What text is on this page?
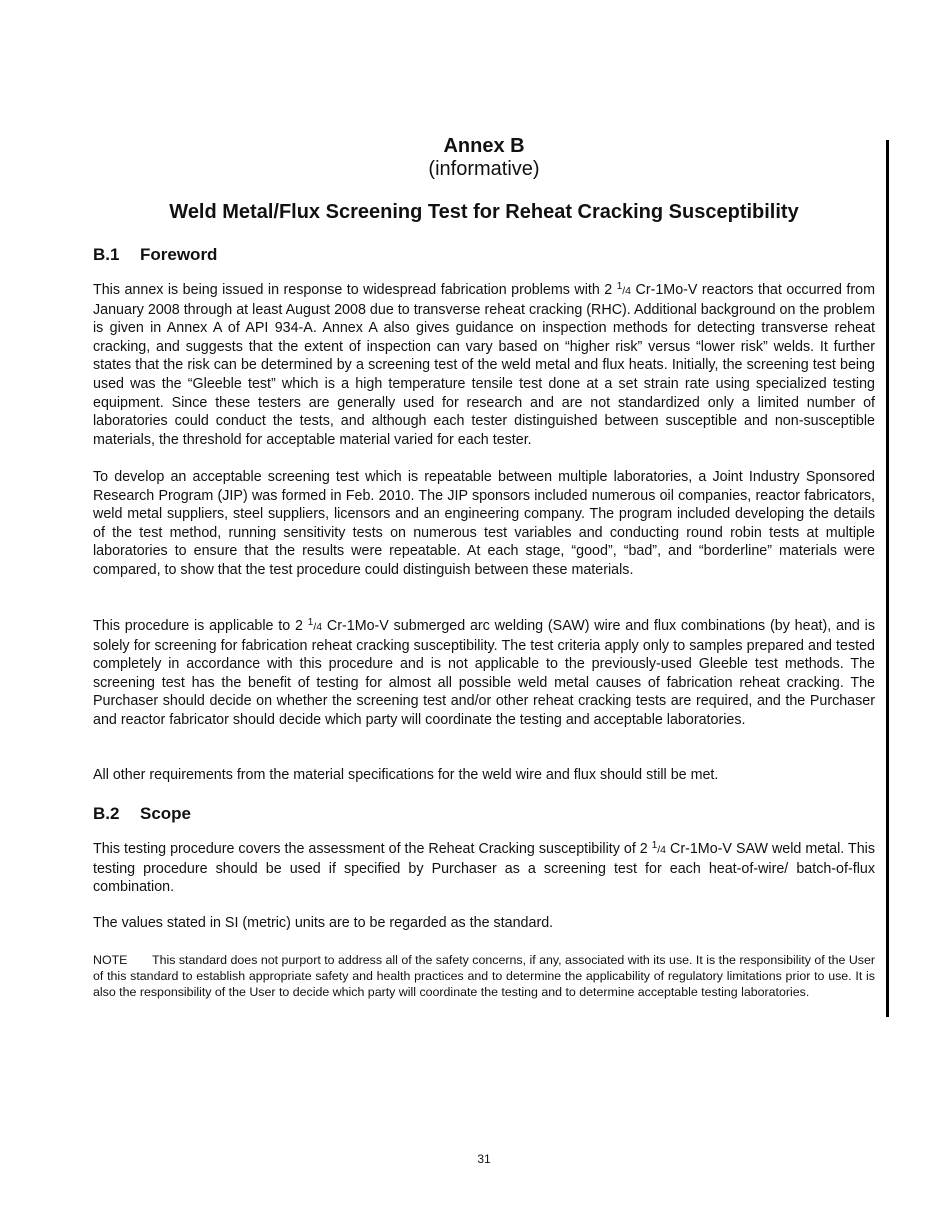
Annex B
(informative)
Weld Metal/Flux Screening Test for Reheat Cracking Susceptibility
B.1 Foreword

This annex is being issued in response to widespread fabrication problems with 2 $^1$/4 Cr-1Mo-V reactors that occurred from January 2008 through at least August 2008 due to transverse reheat cracking (RHC). Additional background on the problem is given in Annex A of API 934-A. Annex A also gives guidance on inspection methods for detecting transverse reheat cracking, and suggests that the extent of inspection can vary based on “higher risk” versus “lower risk” welds. It further states that the risk can be determined by a screening test of the weld metal and flux heats. Initially, the screening test being used was the “Gleeble test” which is a high temperature tensile test done at a set strain rate using specialized testing equipment. Since these testers are generally used for research and are not standardized only a limited number of laboratories could conduct the tests, and although each tester distinguished between susceptible and non-susceptible materials, the threshold for acceptable material varied for each tester.

To develop an acceptable screening test which is repeatable between multiple laboratories, a Joint Industry Sponsored Research Program (JIP) was formed in Feb. 2010. The JIP sponsors included numerous oil companies, reactor fabricators, weld metal suppliers, steel suppliers, licensors and an engineering company. The program included developing the details of the test method, running sensitivity tests on numerous test variables and conducting round robin tests at multiple laboratories to ensure that the results were repeatable. At each stage, “good”, “bad”, and “borderline” materials were compared, to show that the test procedure could distinguish between these materials.

This procedure is applicable to 2 $^1$/4 Cr-1Mo-V submerged arc welding (SAW) wire and flux combinations (by heat), and is solely for screening for fabrication reheat cracking susceptibility. The test criteria apply only to samples prepared and tested completely in accordance with this procedure and is not applicable to the previously-used Gleeble test methods. The screening test has the benefit of testing for almost all possible weld metal causes of fabrication reheat cracking. The Purchaser should decide on whether the screening test and/or other reheat cracking tests are required, and the Purchaser and reactor fabricator should decide which party will coordinate the testing and acceptable laboratories.

All other requirements from the material specifications for the weld wire and flux should still be met.

B.2 Scope

This testing procedure covers the assessment of the Reheat Cracking susceptibility of 2 $^1$/4 Cr-1Mo-V SAW weld metal. This testing procedure should be used if specified by Purchaser as a screening test for each heat-of-wire/ batch-of-flux combination.

The values stated in SI (metric) units are to be regarded as the standard.

NOTE This standard does not purport to address all of the safety concerns, if any, associated with its use. It is the responsibility of the User of this standard to establish appropriate safety and health practices and to determine the applicability of regulatory limitations prior to use. It is also the responsibility of the User to decide which party will coordinate the testing and to determine acceptable testing laboratories.

31
